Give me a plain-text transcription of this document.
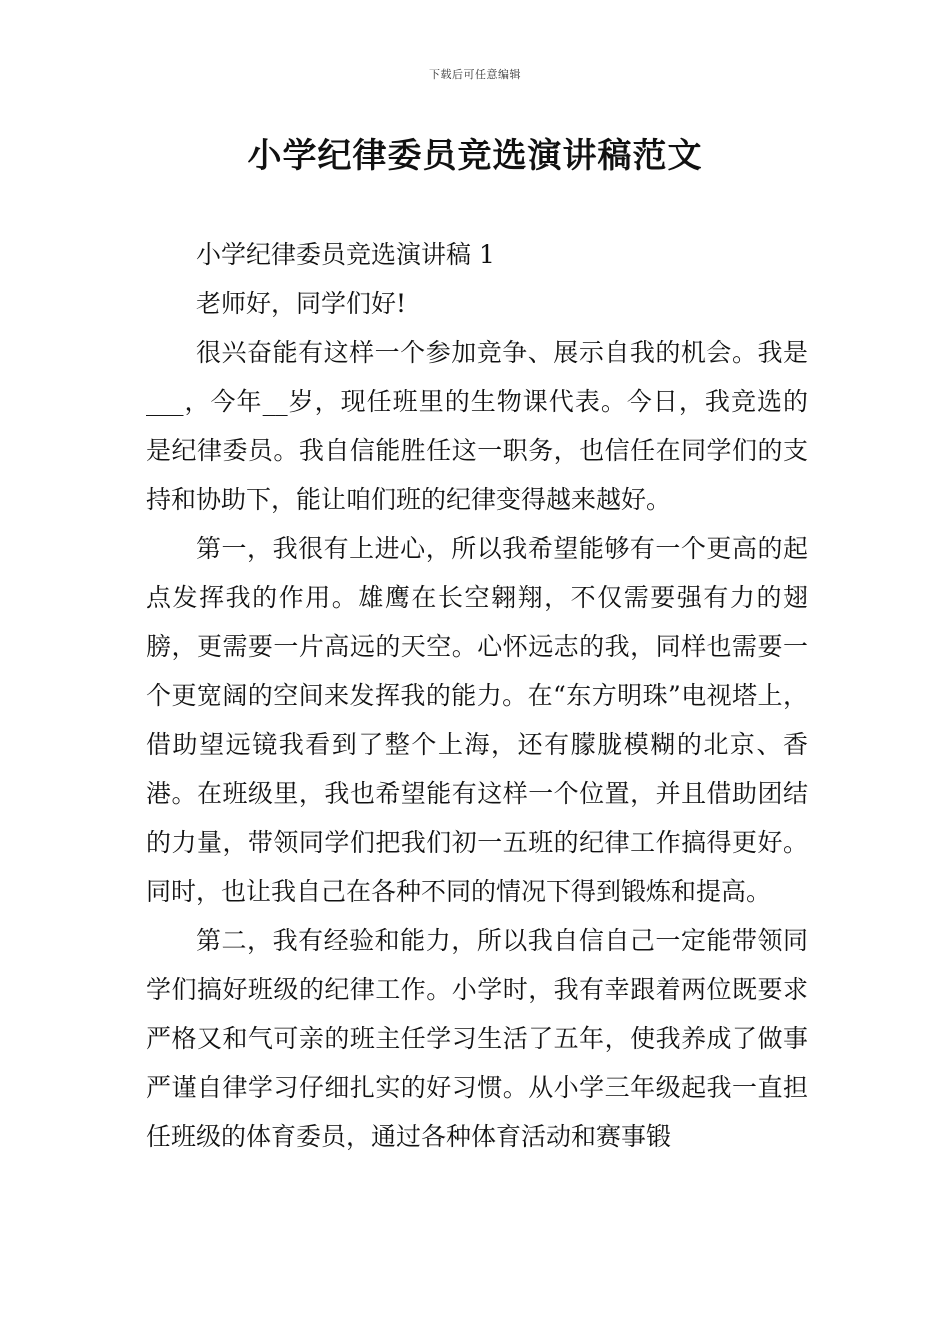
下载后可任意编辑
小学纪律委员竞选演讲稿范文

小学纪律委员竞选演讲稿 1

老师好，同学们好!

很兴奋能有这样一个参加竞争、展示自我的机会。我是___，今年__岁，现任班里的生物课代表。今日，我竞选的是纪律委员。我自信能胜任这一职务，也信任在同学们的支持和协助下，能让咱们班的纪律变得越来越好。

第一，我很有上进心，所以我希望能够有一个更高的起点发挥我的作用。雄鹰在长空翱翔，不仅需要强有力的翅膀，更需要一片高远的天空。心怀远志的我，同样也需要一个更宽阔的空间来发挥我的能力。在“东方明珠”电视塔上，借助望远镜我看到了整个上海，还有朦胧模糊的北京、香港。在班级里，我也希望能有这样一个位置，并且借助团结的力量，带领同学们把我们初一五班的纪律工作搞得更好。同时，也让我自己在各种不同的情况下得到锻炼和提高。

第二，我有经验和能力，所以我自信自己一定能带领同学们搞好班级的纪律工作。小学时，我有幸跟着两位既要求严格又和气可亲的班主任学习生活了五年，使我养成了做事严谨自律学习仔细扎实的好习惯。从小学三年级起我一直担任班级的体育委员，通过各种体育活动和赛事锻
